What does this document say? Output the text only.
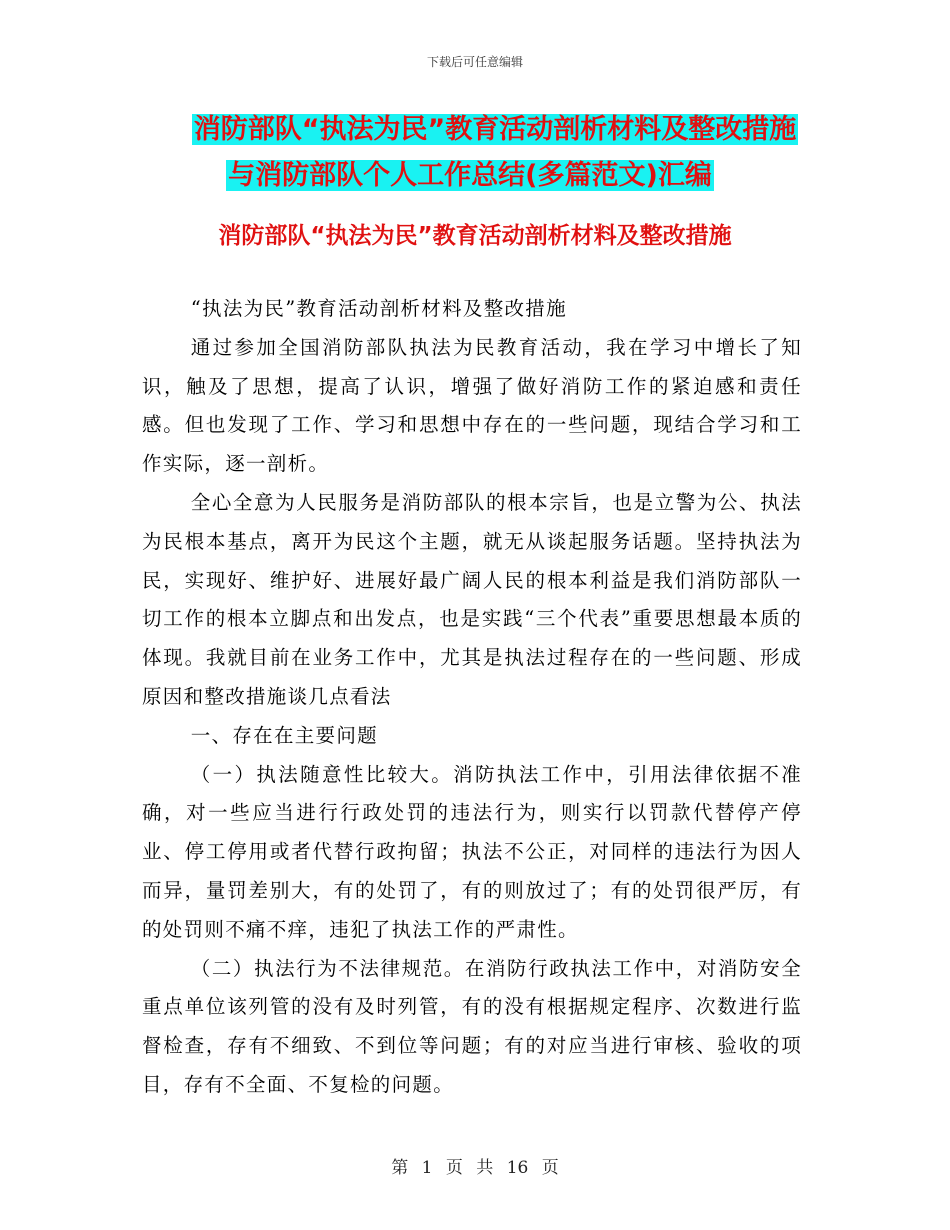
下载后可任意编辑
消防部队“执法为民”教育活动剖析材料及整改措施
与消防部队个人工作总结(多篇范文)汇编
消防部队“执法为民”教育活动剖析材料及整改措施

“执法为民”教育活动剖析材料及整改措施

通过参加全国消防部队执法为民教育活动，我在学习中增长了知识，触及了思想，提高了认识，增强了做好消防工作的紧迫感和责任感。但也发现了工作、学习和思想中存在的一些问题，现结合学习和工作实际，逐一剖析。

全心全意为人民服务是消防部队的根本宗旨，也是立警为公、执法为民根本基点，离开为民这个主题，就无从谈起服务话题。坚持执法为民，实现好、维护好、进展好最广阔人民的根本利益是我们消防部队一切工作的根本立脚点和出发点，也是实践“三个代表”重要思想最本质的体现。我就目前在业务工作中，尤其是执法过程存在的一些问题、形成原因和整改措施谈几点看法

一、存在在主要问题

（一）执法随意性比较大。消防执法工作中，引用法律依据不准确，对一些应当进行行政处罚的违法行为，则实行以罚款代替停产停业、停工停用或者代替行政拘留；执法不公正，对同样的违法行为因人而异，量罚差别大，有的处罚了，有的则放过了；有的处罚很严厉，有的处罚则不痛不痒，违犯了执法工作的严肃性。

（二）执法行为不法律规范。在消防行政执法工作中，对消防安全重点单位该列管的没有及时列管，有的没有根据规定程序、次数进行监督检查，存有不细致、不到位等问题；有的对应当进行审核、验收的项目，存有不全面、不复检的问题。

第 1 页 共 16 页
